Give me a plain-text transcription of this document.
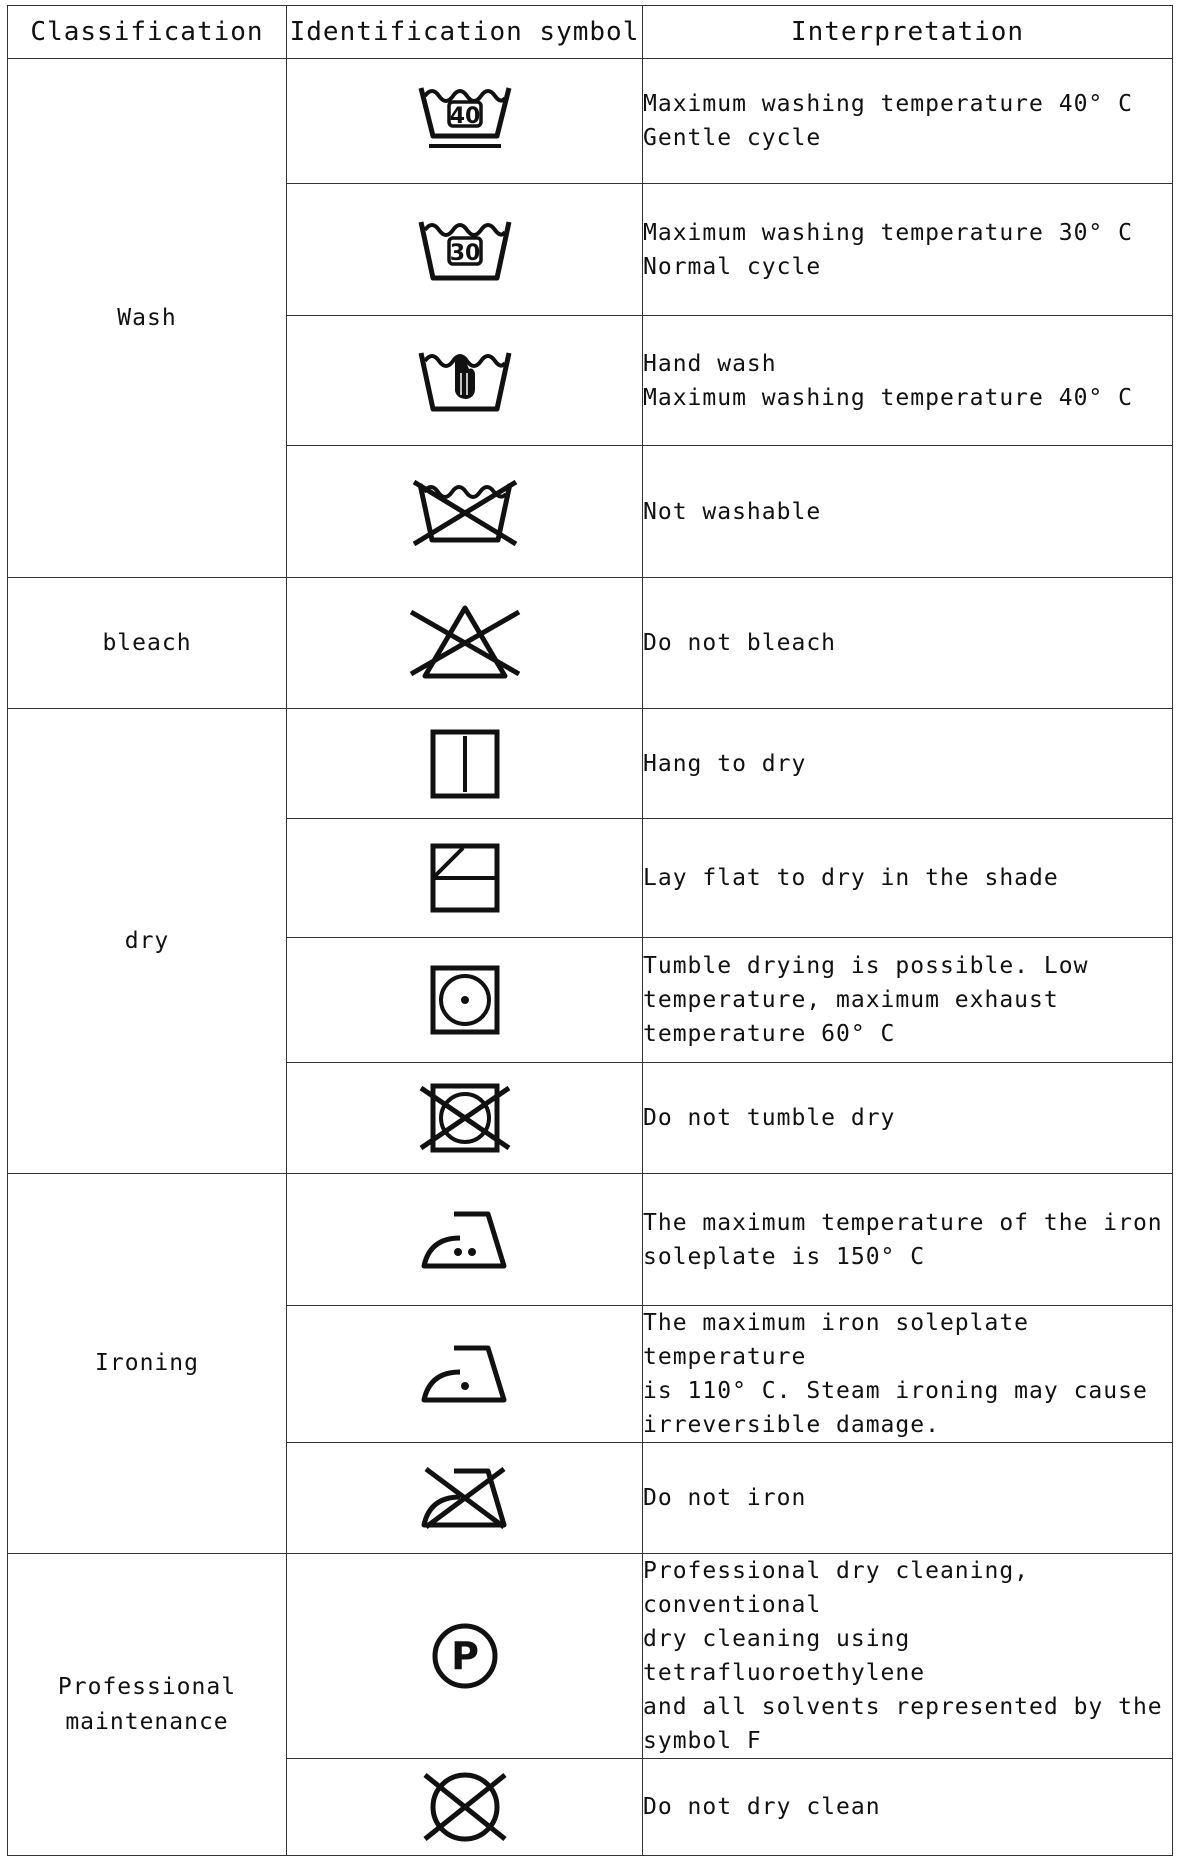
Classification	Identification symbol	Interpretation
Wash	40	Maximum washing temperature 40° C
Gentle cycle

30	Maximum washing temperature 30° C
Normal cycle

Hand wash
Maximum washing temperature 40° C

Not washable

bleach		Do not bleach

dry		Hang to dry

Lay flat to dry in the shade

Tumble drying is possible. Low
temperature, maximum exhaust
temperature 60° C

Do not tumble dry

Ironing		The maximum temperature of the iron
soleplate is 150° C

The maximum iron soleplate temperature
is 110° C. Steam ironing may cause
irreversible damage.

Do not iron

Professional
maintenance	P	Professional dry cleaning, conventional
dry cleaning using tetrafluoroethylene
and all solvents represented by the
symbol F

Do not dry clean
